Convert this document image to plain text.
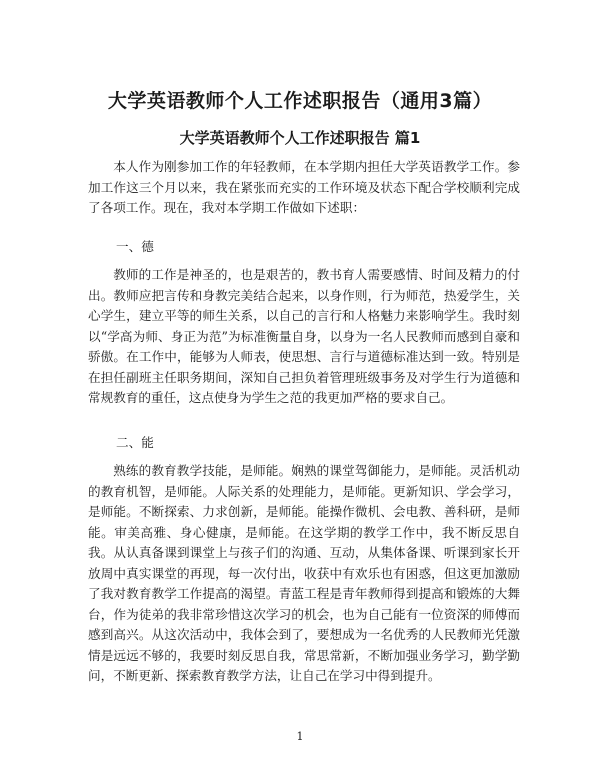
大学英语教师个人工作述职报告（通用3篇）
大学英语教师个人工作述职报告 篇1
本人作为刚参加工作的年轻教师，在本学期内担任大学英语教学工作。参加工作这三个月以来，我在紧张而充实的工作环境及状态下配合学校顺利完成了各项工作。现在，我对本学期工作做如下述职：
一、德
教师的工作是神圣的，也是艰苦的，教书育人需要感情、时间及精力的付出。教师应把言传和身教完美结合起来，以身作则，行为师范，热爱学生，关心学生，建立平等的师生关系，以自己的言行和人格魅力来影响学生。我时刻以“学高为师、身正为范”为标准衡量自身，以身为一名人民教师而感到自豪和骄傲。在工作中，能够为人师表，使思想、言行与道德标准达到一致。特别是在担任副班主任职务期间，深知自己担负着管理班级事务及对学生行为道德和常规教育的重任，这点使身为学生之范的我更加严格的要求自己。
二、能
熟练的教育教学技能，是师能。娴熟的课堂驾御能力，是师能。灵活机动的教育机智，是师能。人际关系的处理能力，是师能。更新知识、学会学习，是师能。不断探索、力求创新，是师能。能操作微机、会电教、善科研，是师能。审美高雅、身心健康，是师能。在这学期的教学工作中，我不断反思自我。从认真备课到课堂上与孩子们的沟通、互动，从集体备课、听课到家长开放周中真实课堂的再现，每一次付出，收获中有欢乐也有困惑，但这更加激励了我对教育教学工作提高的渴望。青蓝工程是青年教师得到提高和锻炼的大舞台，作为徒弟的我非常珍惜这次学习的机会，也为自己能有一位资深的师傅而感到高兴。从这次活动中，我体会到了，要想成为一名优秀的人民教师光凭激情是远远不够的，我要时刻反思自我，常思常新，不断加强业务学习，勤学勤问，不断更新、探索教育教学方法，让自己在学习中得到提升。
1
